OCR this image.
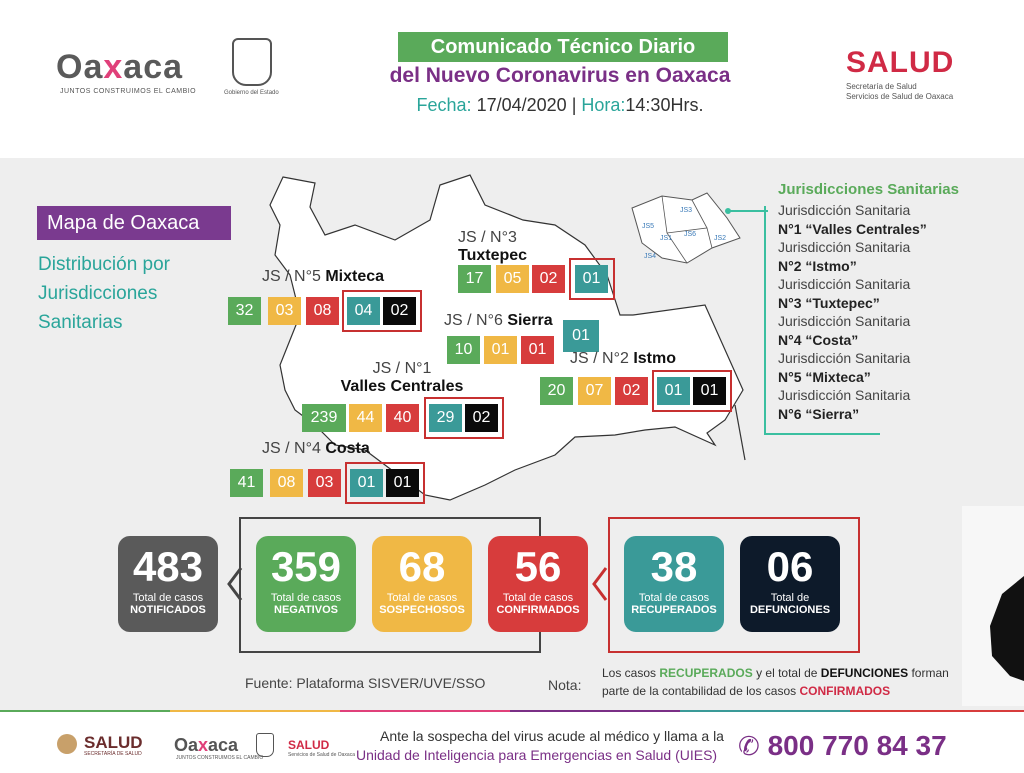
Oaxaca
JUNTOS CONSTRUIMOS EL CAMBIO	Gobierno del Estado
Comunicado Técnico Diario
del Nuevo Coronavirus en Oaxaca
Fecha: 17/04/2020 | Hora:14:30Hrs.
SALUD
Secretaría de Salud
Servicios de Salud de Oaxaca
Mapa de Oaxaca
Distribución por
Jurisdicciones
Sanitarias
JS3
JS5
JS1
JS6
JS2
JS4
JS / N°5 Mixteca
32	03	08	04	02
JS / N°3
Tuxtepec
17	05	02	01
JS / N°6 Sierra
10	01	01
01
JS / N°2 Istmo
20	07	02	01	01
JS / N°1
Valles Centrales
239	44	40	29	02
JS / N°4 Costa
41	08	03	01	01
Jurisdicciones Sanitarias
Jurisdicción Sanitaria
N°1 “Valles Centrales”
Jurisdicción Sanitaria
N°2 “Istmo”
Jurisdicción Sanitaria
N°3 “Tuxtepec”
Jurisdicción Sanitaria
N°4 “Costa”
Jurisdicción Sanitaria
N°5 “Mixteca”
Jurisdicción Sanitaria
N°6 “Sierra”
483
Total de casos
NOTIFICADOS
359
Total de casos
NEGATIVOS
68
Total de casos
SOSPECHOSOS
56
Total de casos
CONFIRMADOS
38
Total de casos
RECUPERADOS
06
Total de
DEFUNCIONES
Fuente: Plataforma SISVER/UVE/SSO	Nota:
Los casos RECUPERADOS y el total de DEFUNCIONES forman
parte de la contabilidad de los casos CONFIRMADOS
SALUD
SECRETARÍA DE SALUD Oaxaca
JUNTOS CONSTRUIMOS EL CAMBIO
SALUD
Servicios de Salud de Oaxaca
Ante la sospecha del virus acude al médico y llama a la
Unidad de Inteligencia para Emergencias en Salud (UIES) ✆ 800 770 84 37
